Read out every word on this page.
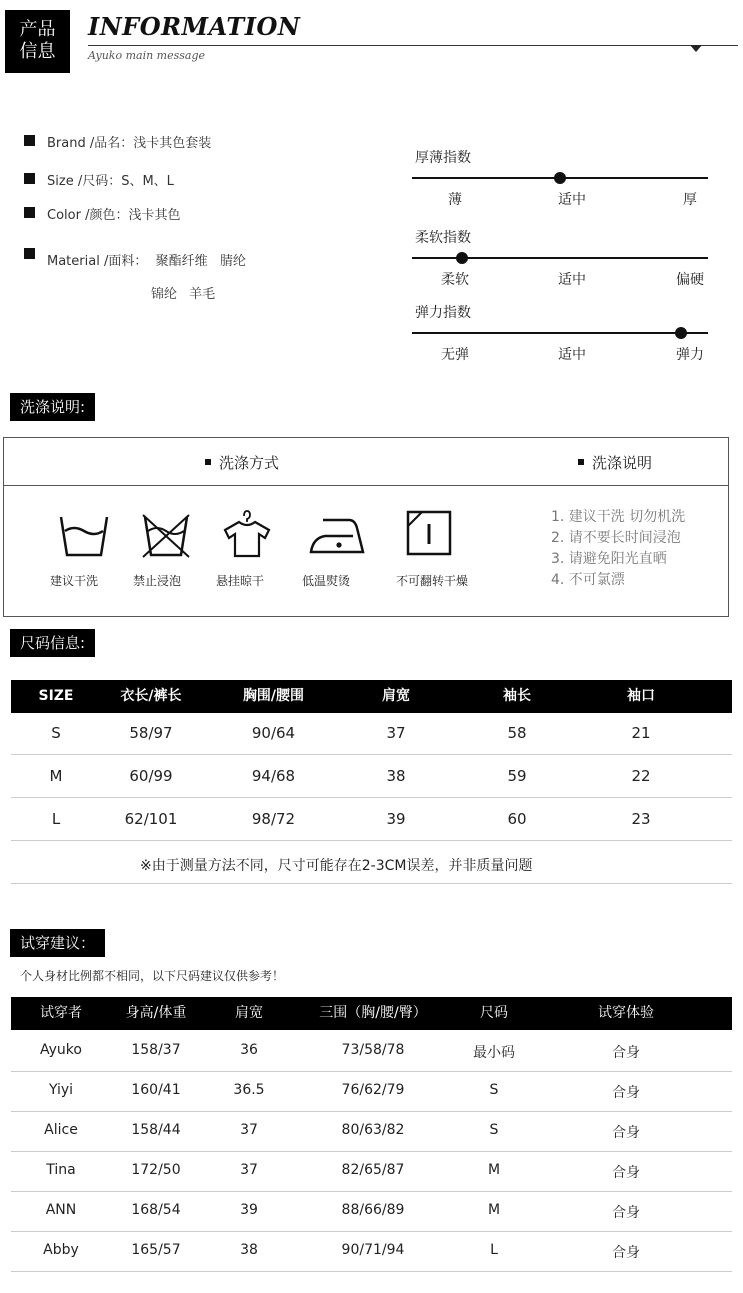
产品
信息
INFORMATION
Ayuko main message
Brand /品名：浅卡其色套装
Size /尺码：S、M、L
Color /颜色：浅卡其色
Material /面料：  聚酯纤维   腈纶
锦纶 羊毛
厚薄指数
薄	适中	厚
柔软指数
柔软	适中	偏硬
弹力指数
无弹	适中	弹力
洗涤说明:
洗涤方式	洗涤说明
建议干洗	禁止浸泡	悬挂晾干	低温熨烫	不可翻转干燥
1. 建议干洗 切勿机洗
2. 请不要长时间浸泡
3. 请避免阳光直晒
4. 不可氯漂
尺码信息:
SIZE	衣长/裤长	胸围/腰围	肩宽	袖长	袖口
S	58/97	90/64	37	58	21
M	60/99	94/68	38	59	22
L	62/101	98/72	39	60	23
※由于测量方法不同，尺寸可能存在2-3CM误差，并非质量问题
试穿建议：
个人身材比例都不相同，以下尺码建议仅供参考！
试穿者	身高/体重	肩宽	三围（胸/腰/臀）	尺码	试穿体验
Ayuko	158/37	36	73/58/78	最小码	合身
Yiyi	160/41	36.5	76/62/79	S	合身
Alice	158/44	37	80/63/82	S	合身
Tina	172/50	37	82/65/87	M	合身
ANN	168/54	39	88/66/89	M	合身
Abby	165/57	38	90/71/94	L	合身
